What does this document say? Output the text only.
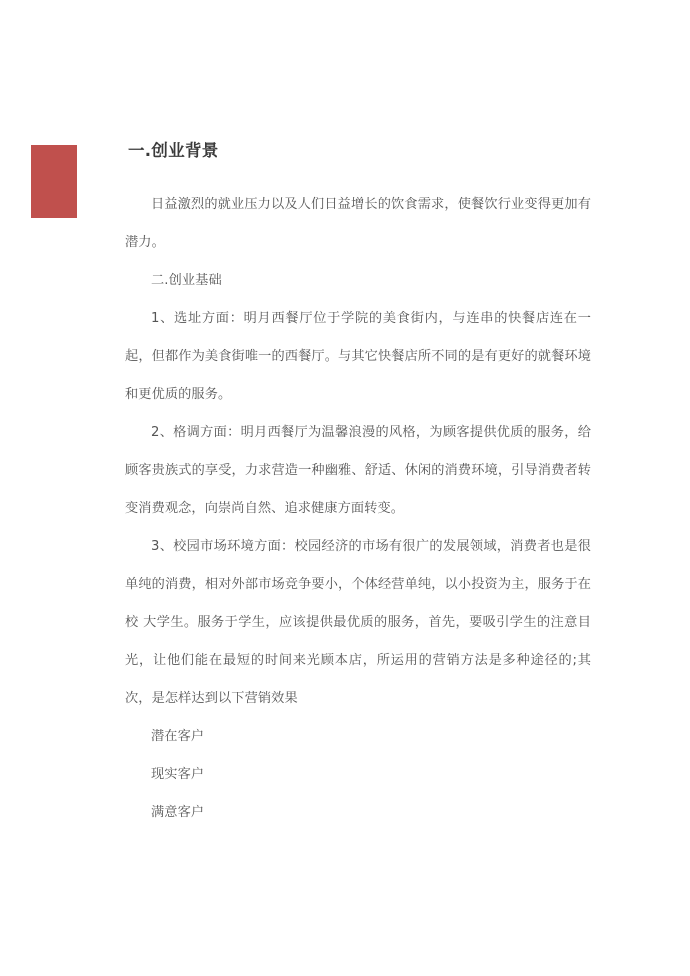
一.创业背景

日益激烈的就业压力以及人们日益增长的饮食需求，使餐饮行业变得更加有潜力。

二.创业基础

1、选址方面：明月西餐厅位于学院的美食街内，与连串的快餐店连在一起，但都作为美食街唯一的西餐厅。与其它快餐店所不同的是有更好的就餐环境和更优质的服务。

2、格调方面：明月西餐厅为温馨浪漫的风格，为顾客提供优质的服务，给顾客贵族式的享受，力求营造一种幽雅、舒适、休闲的消费环境，引导消费者转变消费观念，向崇尚自然、追求健康方面转变。

3、校园市场环境方面：校园经济的市场有很广的发展领域，消费者也是很单纯的消费，相对外部市场竞争要小，个体经营单纯，以小投资为主，服务于在校 大学生。服务于学生，应该提供最优质的服务，首先，要吸引学生的注意目光，让他们能在最短的时间来光顾本店，所运用的营销方法是多种途径的;其次，是怎样达到以下营销效果

潜在客户

现实客户

满意客户
